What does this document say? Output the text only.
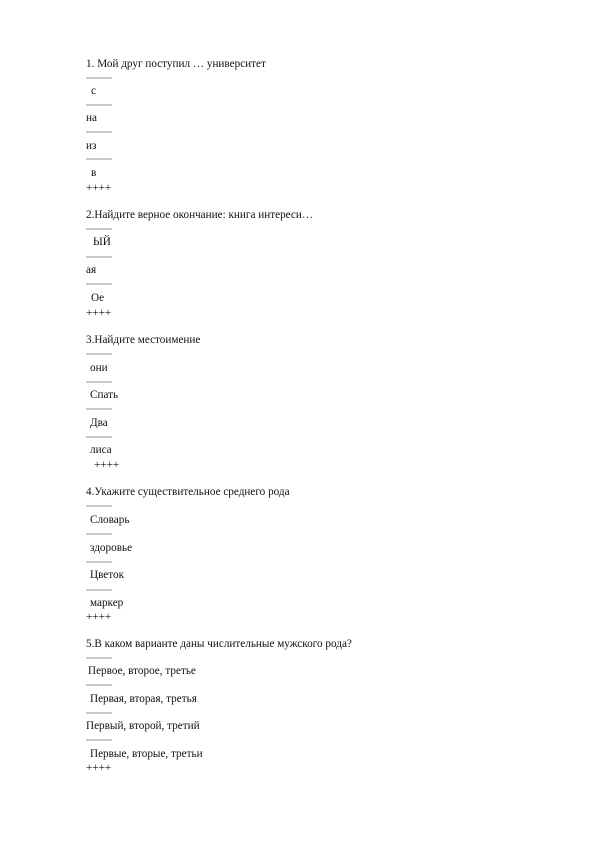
1. Мой друг поступил … университет
с
на
из
в
++++
2.Найдите верное окончание: книга интереси…
ЫЙ
ая
Ое
++++
3.Найдите местоимение
они
Спать
Два
лиса
++++
4.Укажите существительное среднего рода
Словарь
здоровье
Цветок
маркер
++++
5.В каком варианте даны числительные мужского рода?
Первое, второе, третье
Первая, вторая, третья
Первый, второй, третий
Первые, вторые, третьи
++++
